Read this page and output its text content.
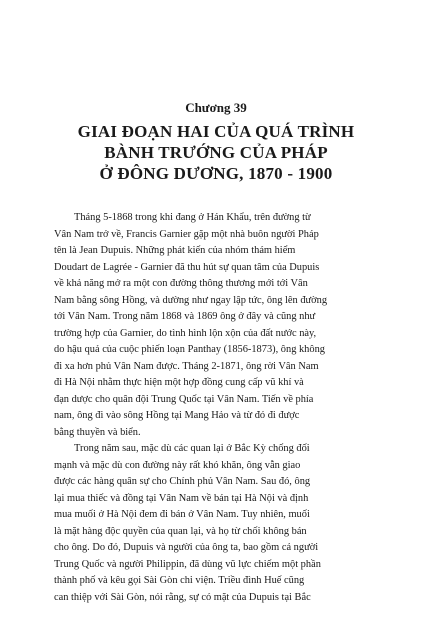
Chương 39
GIAI ĐOẠN HAI CỦA QUÁ TRÌNH
BÀNH TRƯỚNG CỦA PHÁP
Ở ĐÔNG DƯƠNG, 1870 - 1900
Tháng 5-1868 trong khi đang ở Hán Khẩu, trên đường từ
Vân Nam trở về, Francis Garnier gặp một nhà buôn người Pháp
tên là Jean Dupuis. Những phát kiến của nhóm thám hiểm
Doudart de Lagrée - Garnier đã thu hút sự quan tâm của Dupuis
về khả năng mở ra một con đường thông thương mới tới Vân
Nam bằng sông Hồng, và dường như ngay lập tức, ông lên đường
tới Vân Nam. Trong năm 1868 và 1869 ông ở đây và cũng như
trường hợp của Garnier, do tình hình lộn xộn của đất nước này,
do hậu quả của cuộc phiến loạn Panthay (1856-1873), ông không
đi xa hơn phủ Vân Nam được. Tháng 2-1871, ông rời Vân Nam
đi Hà Nội nhằm thực hiện một hợp đồng cung cấp vũ khí và
đạn dược cho quân đội Trung Quốc tại Vân Nam. Tiến về phía
nam, ông đi vào sông Hồng tại Mang Hảo và từ đó đi được
bằng thuyền và biển.
Trong năm sau, mặc dù các quan lại ở Bắc Kỳ chống đối
mạnh và mặc dù con đường này rất khó khăn, ông vẫn giao
được các hàng quân sự cho Chính phủ Vân Nam. Sau đó, ông
lại mua thiếc và đồng tại Vân Nam về bán tại Hà Nội và định
mua muối ở Hà Nội đem đi bán ở Vân Nam. Tuy nhiên, muối
là mặt hàng độc quyền của quan lại, và họ từ chối không bán
cho ông. Do đó, Dupuis và người của ông ta, bao gồm cả người
Trung Quốc và người Philippin, đã dùng vũ lực chiếm một phần
thành phố và kêu gọi Sài Gòn chi viện. Triều đình Huế cũng
can thiệp với Sài Gòn, nói rằng, sự có mặt của Dupuis tại Bắc
